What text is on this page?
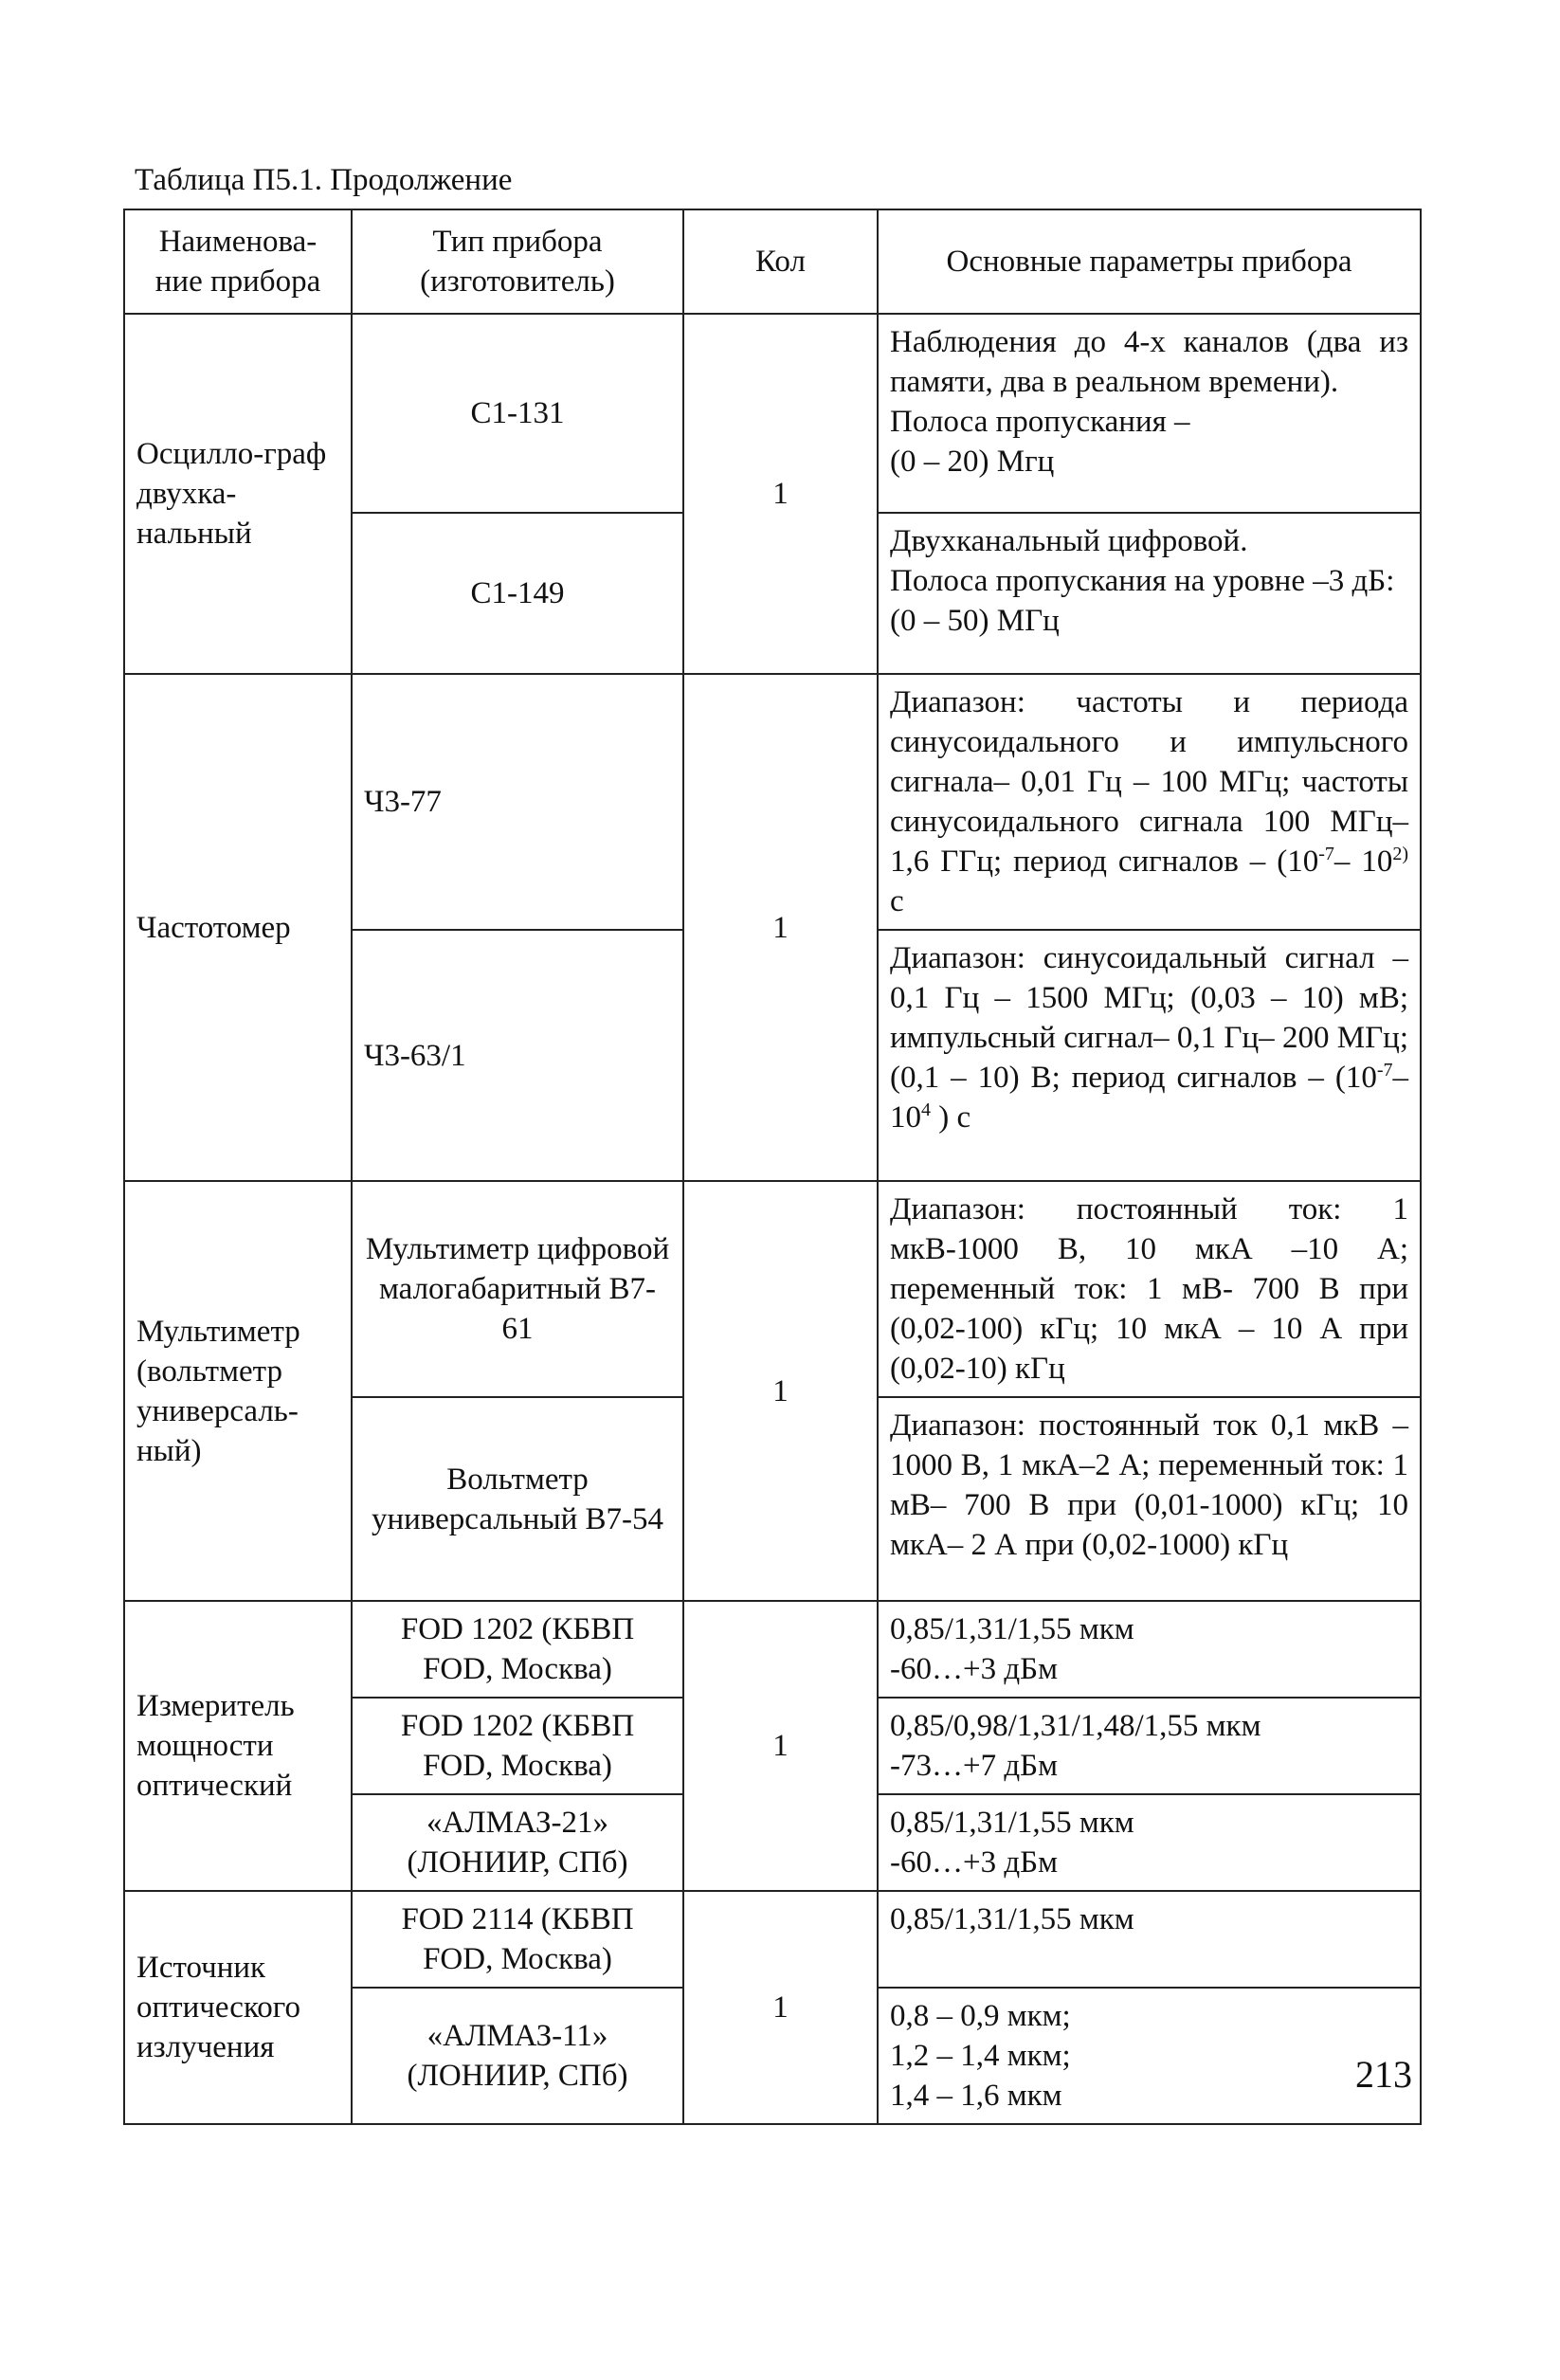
Таблица П5.1. Продолжение
Наименова-ние прибора	Тип прибора (изготовитель)	Кол	Основные параметры прибора
Осцилло-граф двухка-нальный	С1-131	1	Наблюдения до 4-х каналов (два из памяти, два в реальном времени).
Полоса пропускания –
(0 – 20) Мгц

	С1-149		Двухканальный цифровой.
Полоса пропускания на уровне –3 дБ:
(0 – 50) МГц

Частотомер	Ч3-77	1	Диапазон: частоты и периода синусоидального и импульсного сигнала– 0,01 Гц – 100 МГц; частоты синусоидального сигнала 100 МГц– 1,6 ГГц; период сигналов – ($10^{-7}-$ 10$^{2)}$ с
	Ч3-63/1		Диапазон: синусоидальный сигнал – 0,1 Гц – 1500 МГц; (0,03 – 10) мВ; импульсный сигнал– 0,1 Гц– 200 МГц; (0,1 – 10) В; период сигналов – ($10^{-7}-$ $10^4$ ) с
Мультиметр (вольтметр универсаль-ный)	Мультиметр цифровой малогабаритный В7-61	1	Диапазон: постоянный ток: 1 мкВ-1000 В, 10 мкА –10 А; переменный ток: 1 мВ- 700 В при (0,02-100) кГц; 10 мкА – 10 А при (0,02-10) кГц
	Вольтметр универсальный В7-54		Диапазон: постоянный ток 0,1 мкВ –1000 В, 1 мкА–2 А; переменный ток: 1 мВ– 700 В при (0,01-1000) кГц; 10 мкА– 2 А при (0,02-1000) кГц
Измеритель мощности оптический	FOD 1202 (КБВП FOD, Москва)	1	0,85/1,31/1,55 мкм
-60…+3 дБм

	FOD 1202 (КБВП FOD, Москва)		0,85/0,98/1,31/1,48/1,55 мкм
-73…+7 дБм

	«АЛМАЗ-21» (ЛОНИИР, СПб)		0,85/1,31/1,55 мкм
-60…+3 дБм

Источник оптического излучения	FOD 2114 (КБВП FOD, Москва)	1	0,85/1,31/1,55 мкм

	«АЛМАЗ-11» (ЛОНИИР, СПб)		0,8 – 0,9 мкм;
1,2 – 1,4 мкм;
1,4 – 1,6 мкм	213
